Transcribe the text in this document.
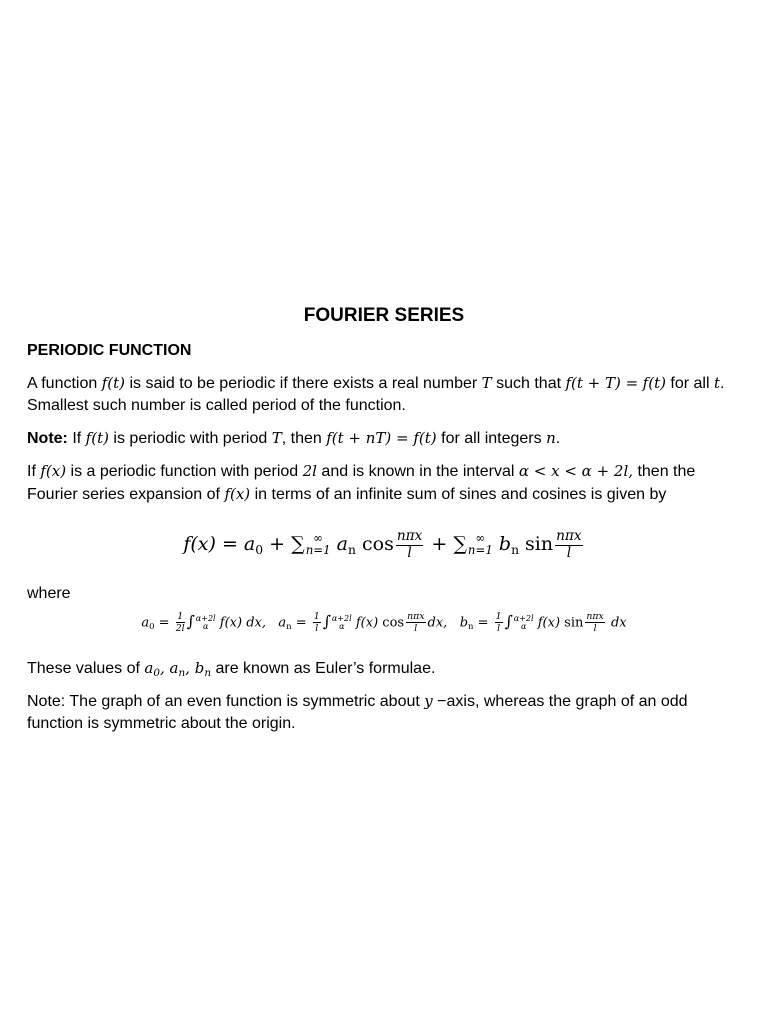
FOURIER SERIES
PERIODIC FUNCTION
A function f(t) is said to be periodic if there exists a real number T such that f(t + T) = f(t) for all t. Smallest such number is called period of the function.
Note: If f(t) is periodic with period T, then f(t + nT) = f(t) for all integers n.
If f(x) is a periodic function with period 2l and is known in the interval α < x < α + 2l, then the Fourier series expansion of f(x) in terms of an infinite sum of sines and cosines is given by
$f(x) = a_0$ + ∑ ∞
n=1 $a_n$ $\cos \frac{\text{nπx}}{l}$ + ∑ ∞
n=1 $b_n$ $\sin \frac{\text{nπx}}{l}$
where
$a_0 = \frac{1}{2l}$ ∫ α+2l
α f(x) dx, $a_n = \frac{1}{l}$ ∫ α+2l
α f(x) $\cos \frac{\text{nπx}}{l}$ dx, $b_n = \frac{1}{l}$ ∫ α+2l
α f(x) $\sin \frac{\text{nπx}}{l}$ dx
These values of $a_0$, $a_n$, $b_n$ are known as Euler’s formulae.
Note: The graph of an even function is symmetric about y −axis, whereas the graph of an odd function is symmetric about the origin.
